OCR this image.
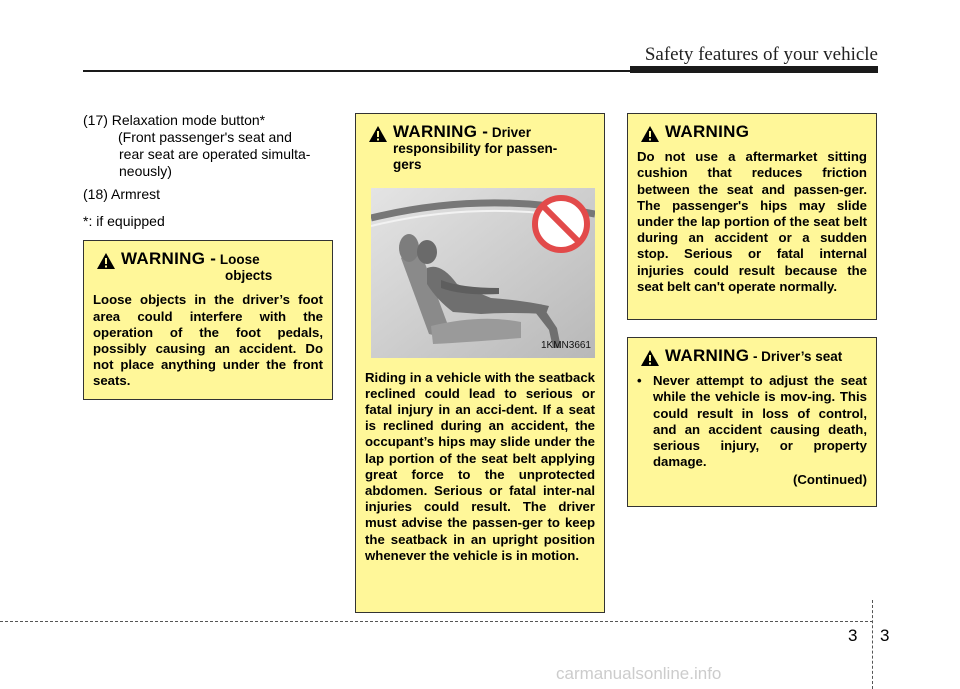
Safety features of your vehicle

(17) Relaxation mode button*

(Front passenger's seat and

rear seat are operated simulta-

neously)

(18) Armrest

*: if equipped

WARNING - Loose
objects
Loose objects in the driver’s foot area could interfere with the operation of the foot pedals, possibly causing an accident. Do not place anything under the front seats.
WARNING - Driver
responsibility for passen-
gers
1KMN3661
Riding in a vehicle with the seatback reclined could lead to serious or fatal injury in an acci-dent. If a seat is reclined during an accident, the occupant’s hips may slide under the lap portion of the seat belt applying great force to the unprotected abdomen. Serious or fatal inter-nal injuries could result. The driver must advise the passen-ger to keep the seatback in an upright position whenever the vehicle is in motion.
WARNING
Do not use a aftermarket sitting cushion that reduces friction between the seat and passen-ger. The passenger's hips may slide under the lap portion of the seat belt during an accident or a sudden stop. Serious or fatal internal injuries could result because the seat belt can't operate normally.
WARNING - Driver’s seat
• Never attempt to adjust the seat while the vehicle is mov-ing. This could result in loss of control, and an accident causing death, serious injury, or property damage.
(Continued)
3 3
carmanualsonline.info
